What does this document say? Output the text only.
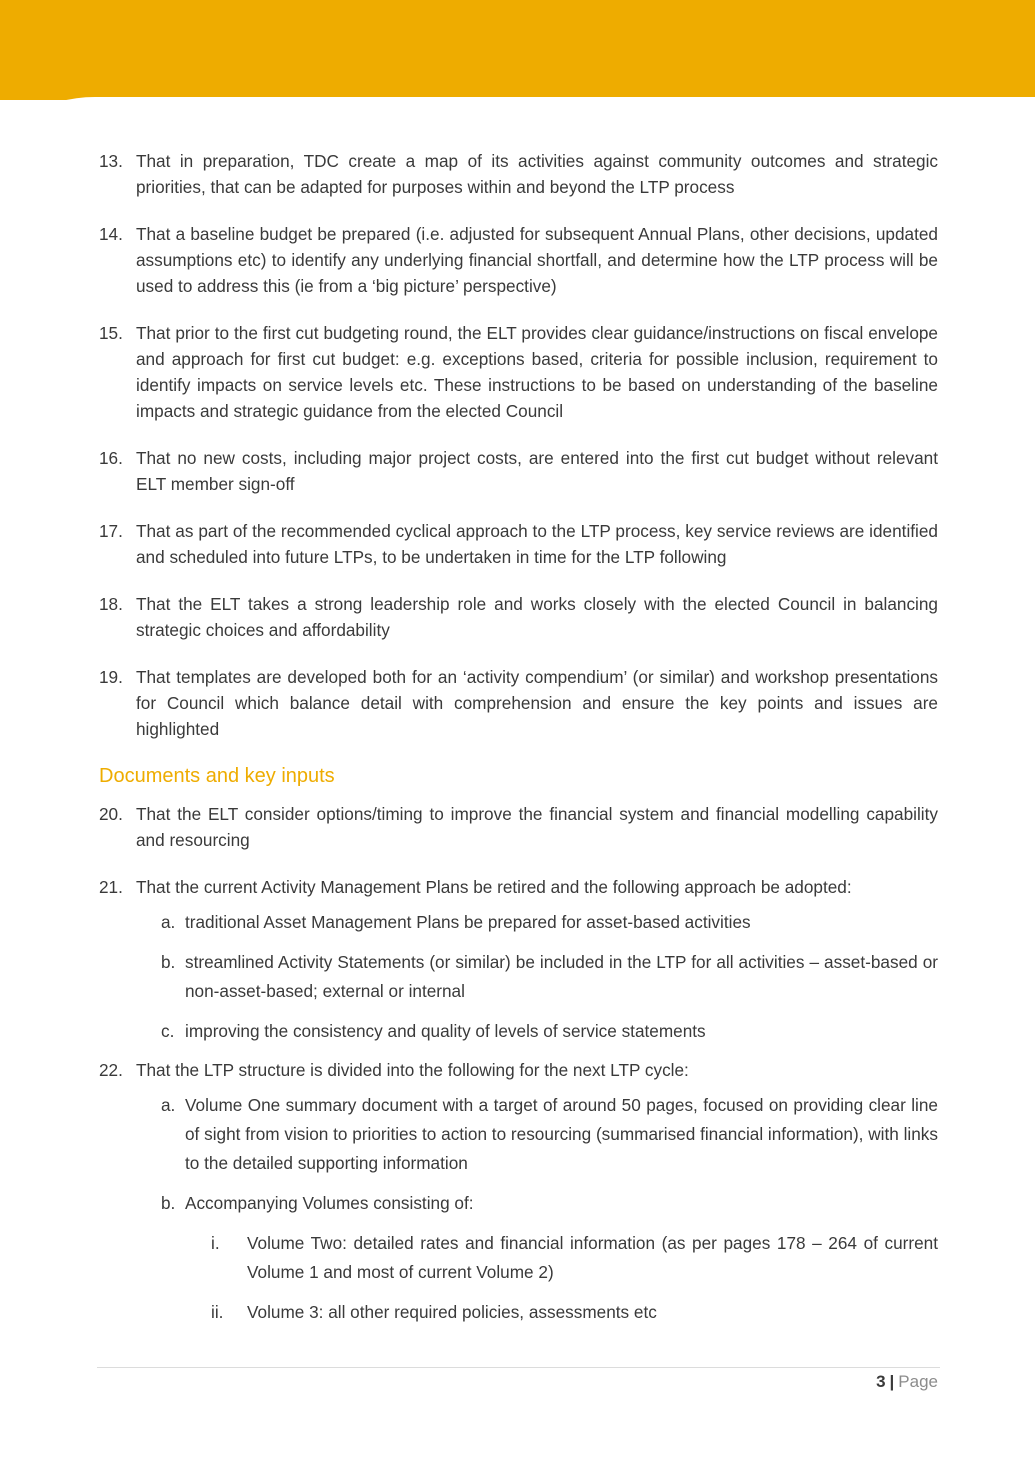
13. That in preparation, TDC create a map of its activities against community outcomes and strategic priorities, that can be adapted for purposes within and beyond the LTP process
14. That a baseline budget be prepared (i.e. adjusted for subsequent Annual Plans, other decisions, updated assumptions etc) to identify any underlying financial shortfall, and determine how the LTP process will be used to address this (ie from a ‘big picture’ perspective)
15. That prior to the first cut budgeting round, the ELT provides clear guidance/instructions on fiscal envelope and approach for first cut budget: e.g. exceptions based, criteria for possible inclusion, requirement to identify impacts on service levels etc. These instructions to be based on understanding of the baseline impacts and strategic guidance from the elected Council
16. That no new costs, including major project costs, are entered into the first cut budget without relevant ELT member sign-off
17. That as part of the recommended cyclical approach to the LTP process, key service reviews are identified and scheduled into future LTPs, to be undertaken in time for the LTP following
18. That the ELT takes a strong leadership role and works closely with the elected Council in balancing strategic choices and affordability
19. That templates are developed both for an ‘activity compendium’ (or similar) and workshop presentations for Council which balance detail with comprehension and ensure the key points and issues are highlighted
Documents and key inputs
20. That the ELT consider options/timing to improve the financial system and financial modelling capability and resourcing
21. That the current Activity Management Plans be retired and the following approach be adopted:
a. traditional Asset Management Plans be prepared for asset-based activities
b. streamlined Activity Statements (or similar) be included in the LTP for all activities – asset-based or non-asset-based; external or internal
c. improving the consistency and quality of levels of service statements
22. That the LTP structure is divided into the following for the next LTP cycle:
a. Volume One summary document with a target of around 50 pages, focused on providing clear line of sight from vision to priorities to action to resourcing (summarised financial information), with links to the detailed supporting information
b. Accompanying Volumes consisting of:
i. Volume Two: detailed rates and financial information (as per pages 178 – 264 of current Volume 1 and most of current Volume 2)
ii. Volume 3: all other required policies, assessments etc
3 | Page
